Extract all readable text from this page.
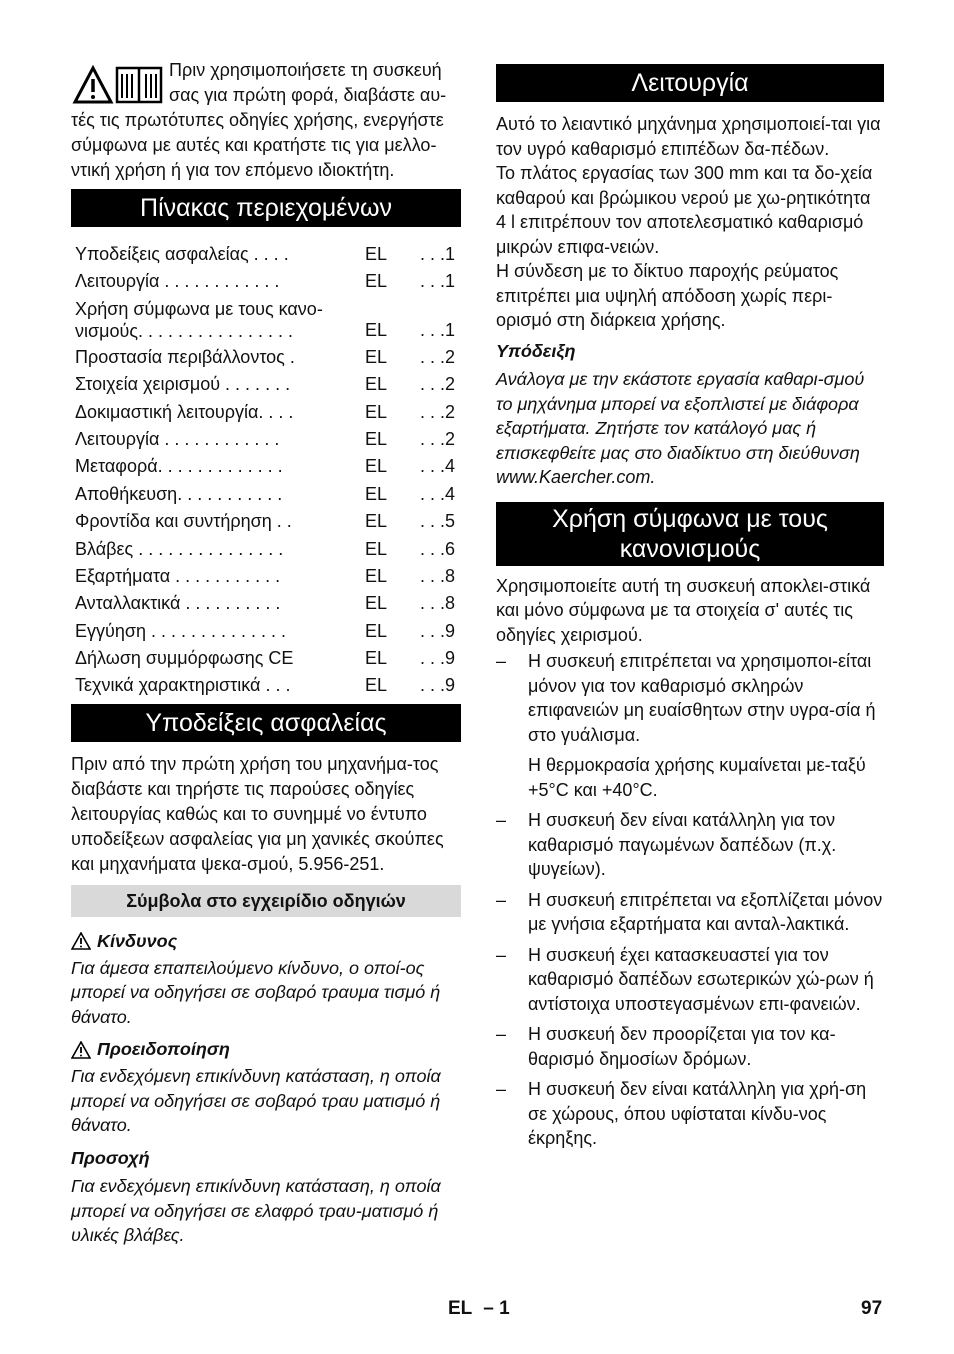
Πριν χρησιμοποιήσετε τη συσκευή σας για πρώτη φορά, διαβάστε αυ-

τές τις πρωτότυπες οδηγίες χρήσης, ενεργήστε σύμφωνα με αυτές και κρατήστε τις για μελλο-ντική χρήση ή για τον επόμενο ιδιοκτήτη.

Πίνακας περιεχομένων
Υποδείξεις ασφαλείας . . . .	EL	. . .1
Λειτουργία . . . . . . . . . . . .	EL	. . .1
Χρήση σύμφωνα με τους κανο-νισμούς. . . . . . . . . . . . . . . .	EL	. . .1
Προστασία περιβάλλοντος .	EL	. . .2
Στοιχεία χειρισμού . . . . . . .	EL	. . .2
Δοκιμαστική λειτουργία. . . .	EL	. . .2
Λειτουργία . . . . . . . . . . . .	EL	. . .2
Μεταφορά. . . . . . . . . . . . .	EL	. . .4
Αποθήκευση. . . . . . . . . . .	EL	. . .4
Φροντίδα και συντήρηση . .	EL	. . .5
Βλάβες . . . . . . . . . . . . . . .	EL	. . .6
Εξαρτήματα . . . . . . . . . . .	EL	. . .8
Ανταλλακτικά . . . . . . . . . .	EL	. . .8
Εγγύηση . . . . . . . . . . . . . .	EL	. . .9
Δήλωση συμμόρφωσης CE	EL	. . .9
Τεχνικά χαρακτηριστικά . . .	EL	. . .9
Υποδείξεις ασφαλείας

Πριν από την πρώτη χρήση του μηχανήμα-τος διαβάστε και τηρήστε τις παρούσες οδηγίες λειτουργίας καθώς και το συνημμέ νο έντυπο υποδείξεων ασφαλείας για μη χανικές σκούπες και μηχανήματα ψεκα-σμού, 5.956-251.

Σύμβολα στο εγχειρίδιο οδηγιών
Κίνδυνος

Για άμεσα επαπειλούμενο κίνδυνο, ο οποί-ος μπορεί να οδηγήσει σε σοβαρό τραυμα τισμό ή θάνατο.

Προειδοποίηση

Για ενδεχόμενη επικίνδυνη κατάσταση, η οποία μπορεί να οδηγήσει σε σοβαρό τραυ ματισμό ή θάνατο.

Προσοχή

Για ενδεχόμενη επικίνδυνη κατάσταση, η οποία μπορεί να οδηγήσει σε ελαφρό τραυ-ματισμό ή υλικές βλάβες.

Λειτουργία

Αυτό το λειαντικό μηχάνημα χρησιμοποιεί-ται για τον υγρό καθαρισμό επιπέδων δα-πέδων.

Το πλάτος εργασίας των 300 mm και τα δο-χεία καθαρού και βρώμικου νερού με χω-ρητικότητα 4 l επιτρέπουν τον αποτελεσματικό καθαρισμό μικρών επιφα-νειών.

Η σύνδεση με το δίκτυο παροχής ρεύματος επιτρέπει μια υψηλή απόδοση χωρίς περι-ορισμό στη διάρκεια χρήσης.

Υπόδειξη

Ανάλογα με την εκάστοτε εργασία καθαρι-σμού το μηχάνημα μπορεί να εξοπλιστεί με διάφορα εξαρτήματα. Ζητήστε τον κατάλογό μας ή επισκεφθείτε μας στο διαδίκτυο στη διεύθυνση www.Kaercher.com.

Χρήση σύμφωνα με τους κανονισμούς

Χρησιμοποιείτε αυτή τη συσκευή αποκλει-στικά και μόνο σύμφωνα με τα στοιχεία σ' αυτές τις οδηγίες χειρισμού.

– Η συσκευή επιτρέπεται να χρησιμοποι-είται μόνον για τον καθαρισμό σκληρών επιφανειών μη ευαίσθητων στην υγρα-σία ή στο γυάλισμα.

Η θερμοκρασία χρήσης κυμαίνεται με-ταξύ +5°C και +40°C.

– Η συσκευή δεν είναι κατάλληλη για τον καθαρισμό παγωμένων δαπέδων (π.χ. ψυγείων).
– Η συσκευή επιτρέπεται να εξοπλίζεται μόνον με γνήσια εξαρτήματα και ανταλ-λακτικά.
– Η συσκευή έχει κατασκευαστεί για τον καθαρισμό δαπέδων εσωτερικών χώ-ρων ή αντίστοιχα υποστεγασμένων επι-φανειών.
– Η συσκευή δεν προορίζεται για τον κα-θαρισμό δημοσίων δρόμων.
– Η συσκευή δεν είναι κατάλληλη για χρή-ση σε χώρους, όπου υφίσταται κίνδυ-νος έκρηξης.
EL – 1	97
